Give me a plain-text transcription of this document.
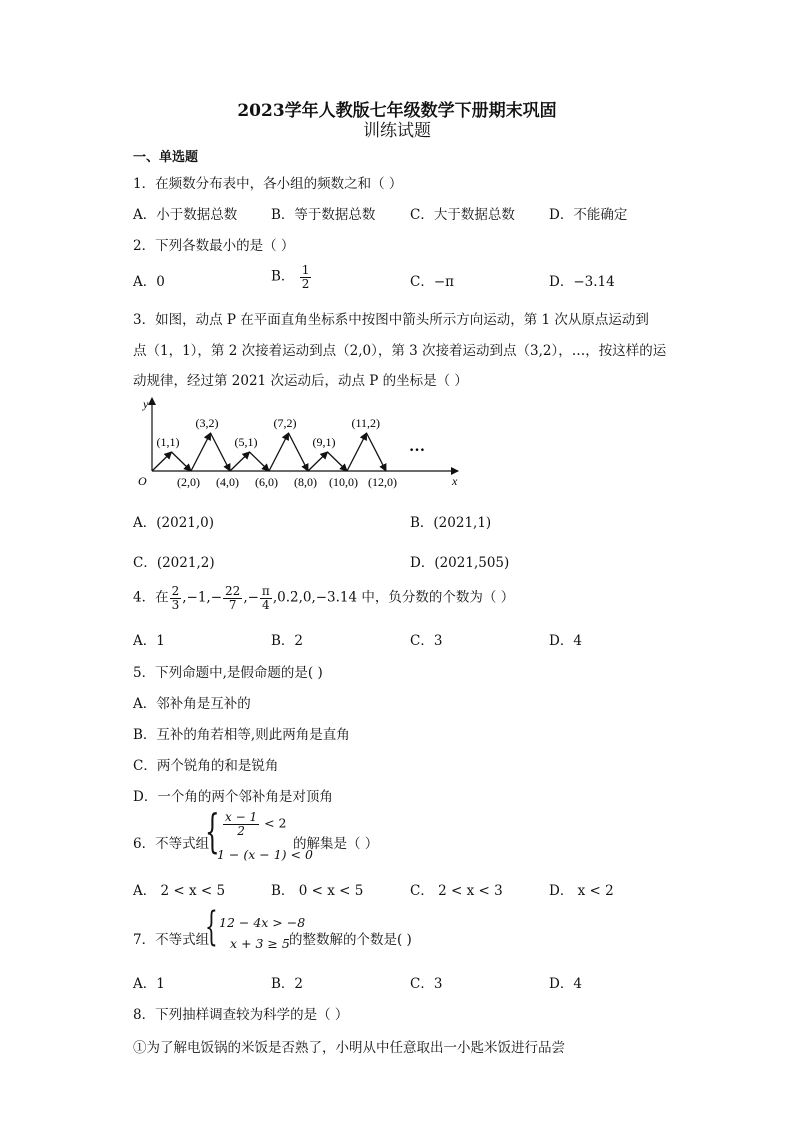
2023学年人教版七年级数学下册期末巩固
训练试题
一、单选题
1．在频数分布表中，各小组的频数之和（ ）
A．小于数据总数	B．等于数据总数	C．大于数据总数	D．不能确定
2．下列各数最小的是（ ）
A．0	B． $\frac{1}{2}$	C．−π	D．−3.14
3．如图，动点 P 在平面直角坐标系中按图中箭头所示方向运动，第 1 次从原点运动到
点（1，1），第 2 次接着运动到点（2,0），第 3 次接着运动到点（3,2），…，按这样的运
动规律，经过第 2021 次运动后，动点 P 的坐标是（ ）
y
x
O
…
(1,1)
(3,2)
(5,1)
(7,2)
(9,1)
(11,2)
(2,0) (4,0) (6,0) (8,0) (10,0) (12,0)
A．(2021,0)	B．(2021,1)
C．(2021,2)	D．(2021,505)
4．在 $\frac{2}{3} ,-1,- \frac{22}{7}$ ,− $\frac{\pi}{4}$ ,0.2̇,0,−3.14 中，负分数的个数为（ ）
A．1	B．2	C．3	D．4
5．下列命题中,是假命题的是( )
A．邻补角是互补的
B．互补的角若相等,则此两角是直角
C．两个锐角的和是锐角
D．一个角的两个邻补角是对顶角
6．不等式组
{ $\frac{x - 1}{2} < 2$
1 − (x − 1) < 0
的解集是（ ）
A． 2 < x < 5	B． 0 < x < 5	C． 2 < x < 3	D． x < 2
7．不等式组
{ 12 − 4x > −8
x + 3 ≥ 5 的整数解的个数是( )
A．1	B．2	C．3	D．4
8．下列抽样调查较为科学的是（ ）
①为了解电饭锅的米饭是否熟了，小明从中任意取出一小匙米饭进行品尝
